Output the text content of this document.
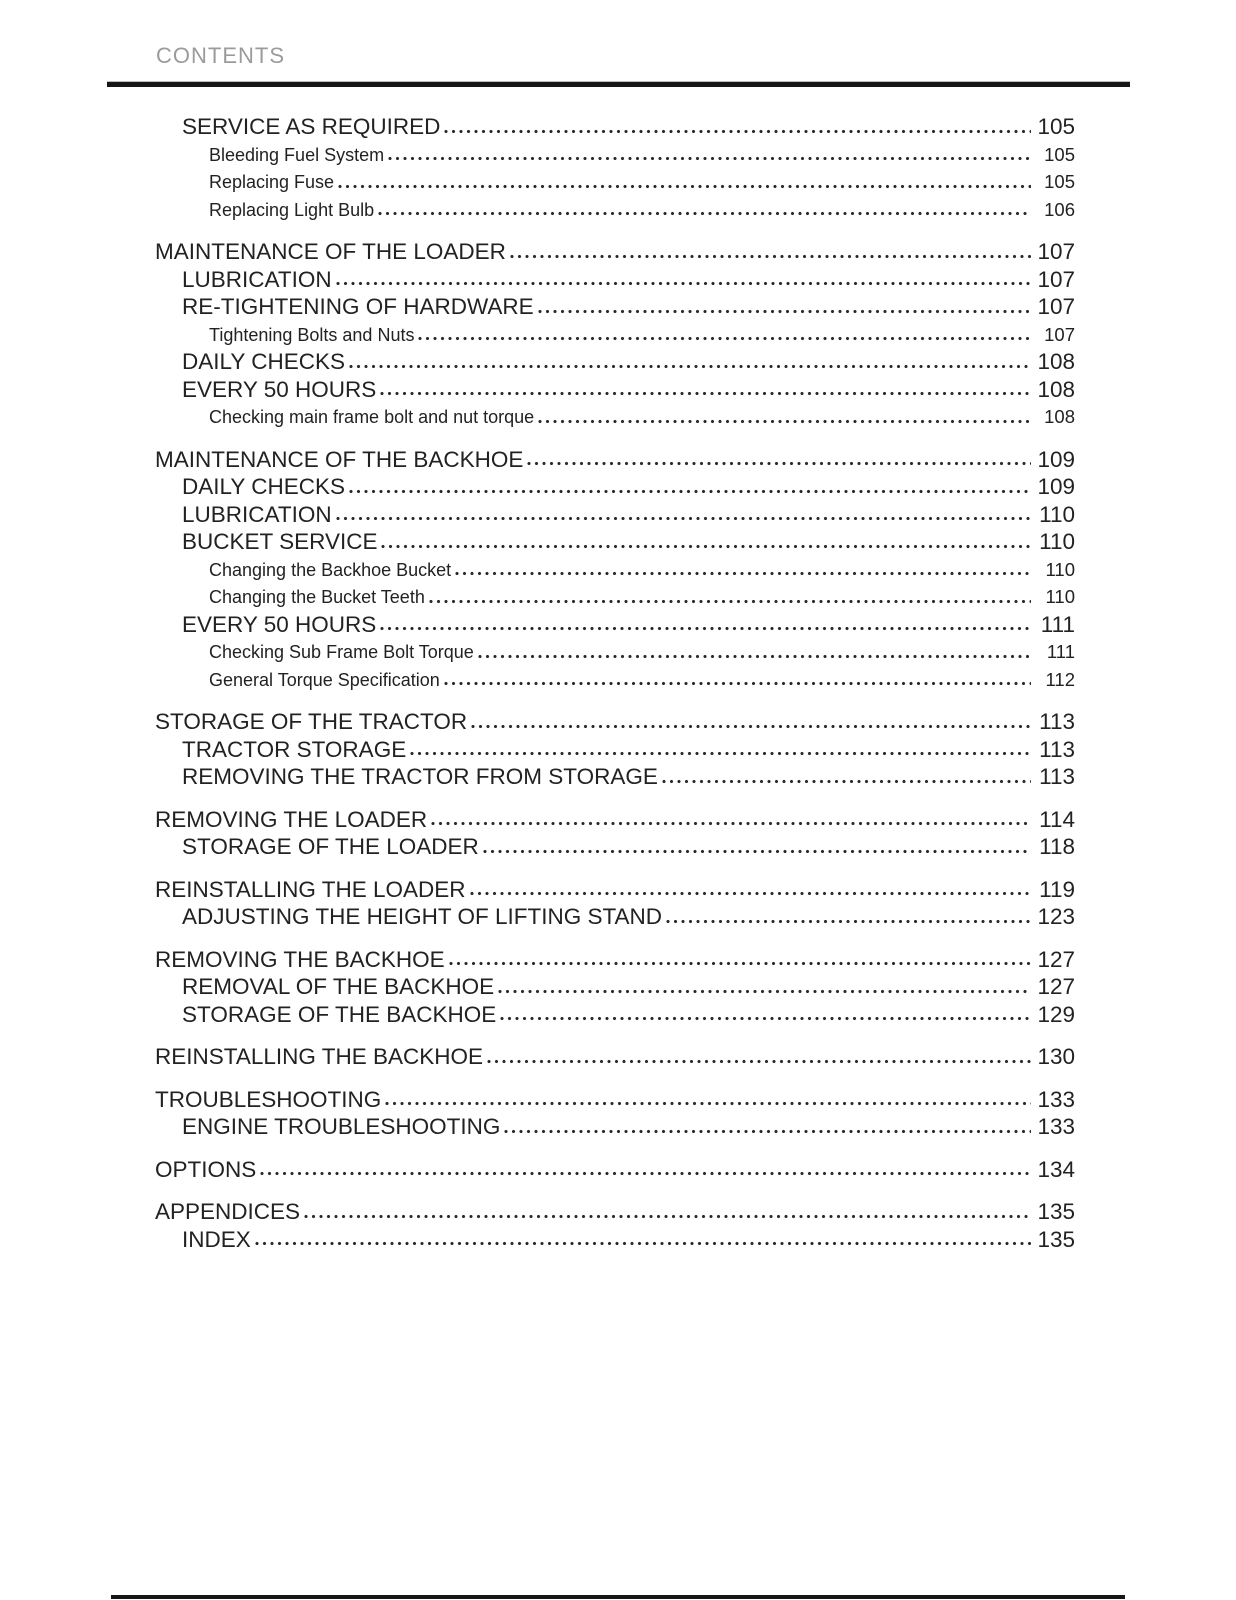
CONTENTS
SERVICE AS REQUIRED	105
Bleeding Fuel System	105
Replacing Fuse	105
Replacing Light Bulb	106
MAINTENANCE OF THE LOADER	107
LUBRICATION	107
RE-TIGHTENING OF HARDWARE	107
Tightening Bolts and Nuts	107
DAILY CHECKS	108
EVERY 50 HOURS	108
Checking main frame bolt and nut torque	108
MAINTENANCE OF THE BACKHOE	109
DAILY CHECKS	109
LUBRICATION	110
BUCKET SERVICE	110
Changing the Backhoe Bucket	110
Changing the Bucket Teeth	110
EVERY 50 HOURS	111
Checking Sub Frame Bolt Torque	111
General Torque Specification	112
STORAGE OF THE TRACTOR	113
TRACTOR STORAGE	113
REMOVING THE TRACTOR FROM STORAGE	113
REMOVING THE LOADER	114
STORAGE OF THE LOADER	118
REINSTALLING THE LOADER	119
ADJUSTING THE HEIGHT OF LIFTING STAND	123
REMOVING THE BACKHOE	127
REMOVAL OF THE BACKHOE	127
STORAGE OF THE BACKHOE	129
REINSTALLING THE BACKHOE	130
TROUBLESHOOTING	133
ENGINE TROUBLESHOOTING	133
OPTIONS	134
APPENDICES	135
INDEX	135
